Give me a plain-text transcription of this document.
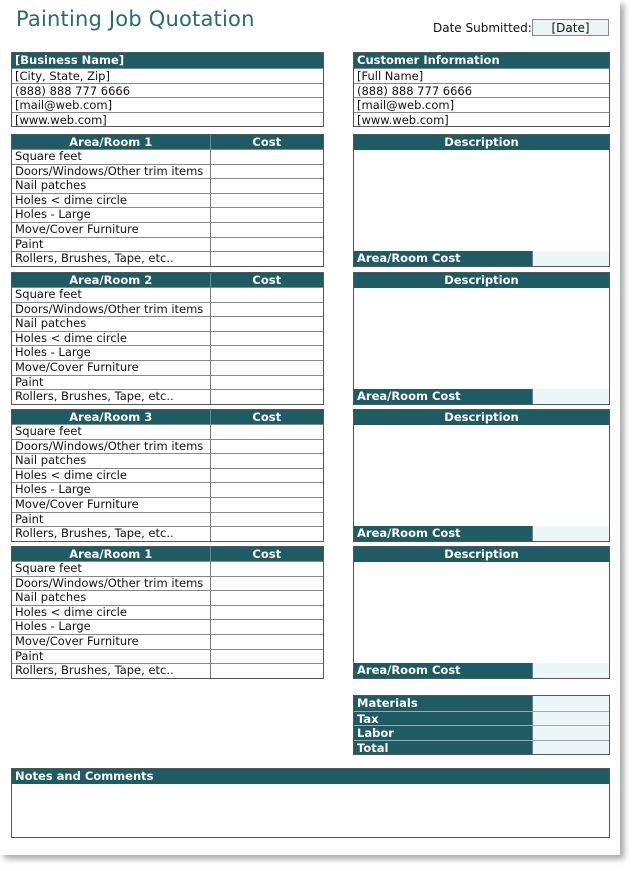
Painting Job Quotation	Date Submitted:	[Date]
[Business Name]
[City, State, Zip]
(888) 888 777 6666
[mail@web.com]
[www.web.com]
Customer Information
[Full Name]
(888) 888 777 6666
[mail@web.com]
[www.web.com]
Area/Room 1	Cost
Square feet	
Doors/Windows/Other trim items	
Nail patches	
Holes < dime circle	
Holes - Large	
Move/Cover Furniture	
Paint	
Rollers, Brushes, Tape, etc..	
Description
Area/Room Cost
Area/Room 2	Cost
Square feet	
Doors/Windows/Other trim items	
Nail patches	
Holes < dime circle	
Holes - Large	
Move/Cover Furniture	
Paint	
Rollers, Brushes, Tape, etc..	
Description
Area/Room Cost
Area/Room 3	Cost
Square feet	
Doors/Windows/Other trim items	
Nail patches	
Holes < dime circle	
Holes - Large	
Move/Cover Furniture	
Paint	
Rollers, Brushes, Tape, etc..	
Description
Area/Room Cost
Area/Room 1	Cost
Square feet	
Doors/Windows/Other trim items	
Nail patches	
Holes < dime circle	
Holes - Large	
Move/Cover Furniture	
Paint	
Rollers, Brushes, Tape, etc..	
Description
Area/Room Cost
Materials
Tax
Labor
Total
Notes and Comments
